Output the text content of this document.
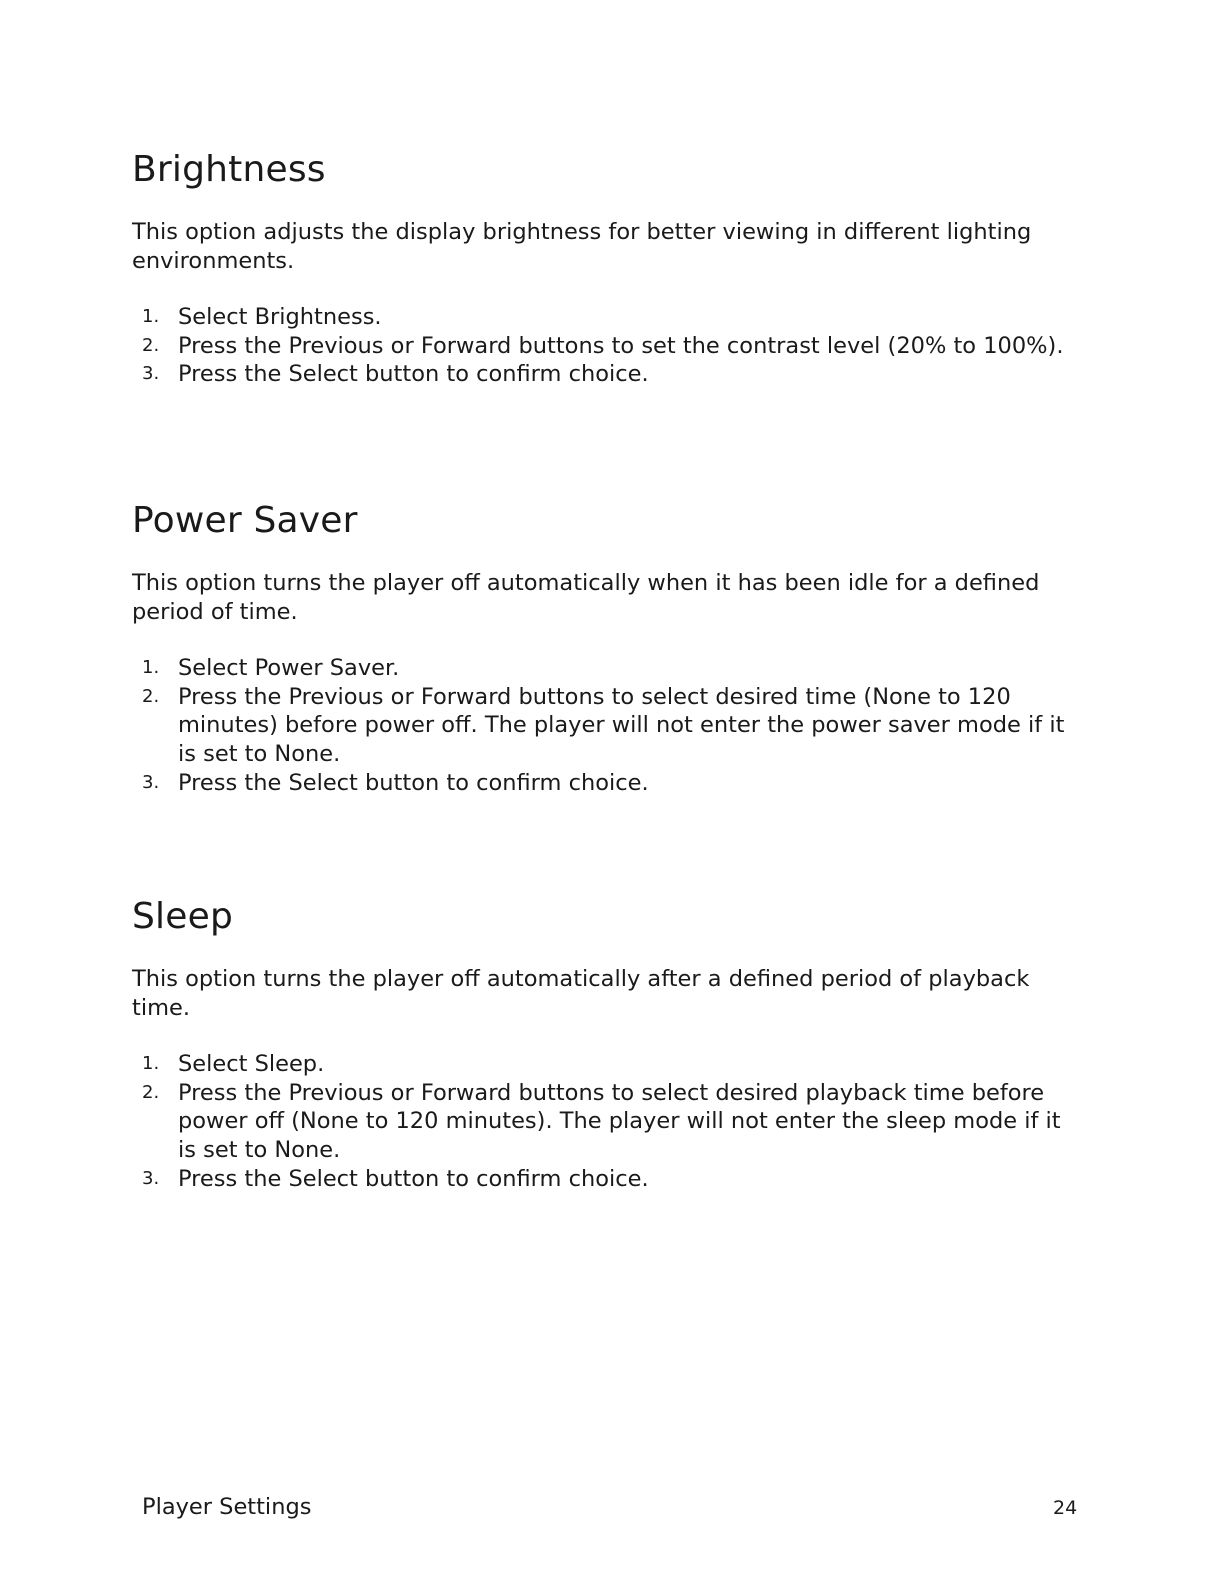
Brightness

This option adjusts the display brightness for better viewing in different lighting environments.

1. Select Brightness.
2. Press the Previous or Forward buttons to set the contrast level (20% to 100%).
3. Press the Select button to confirm choice.
Power Saver

This option turns the player off automatically when it has been idle for a defined period of time.

1. Select Power Saver.
2. Press the Previous or Forward buttons to select desired time (None to 120 minutes) before power off. The player will not enter the power saver mode if it is set to None.
3. Press the Select button to confirm choice.
Sleep

This option turns the player off automatically after a defined period of playback time.

1. Select Sleep.
2. Press the Previous or Forward buttons to select desired playback time before power off (None to 120 minutes). The player will not enter the sleep mode if it is set to None.
3. Press the Select button to confirm choice.
Player Settings	24
